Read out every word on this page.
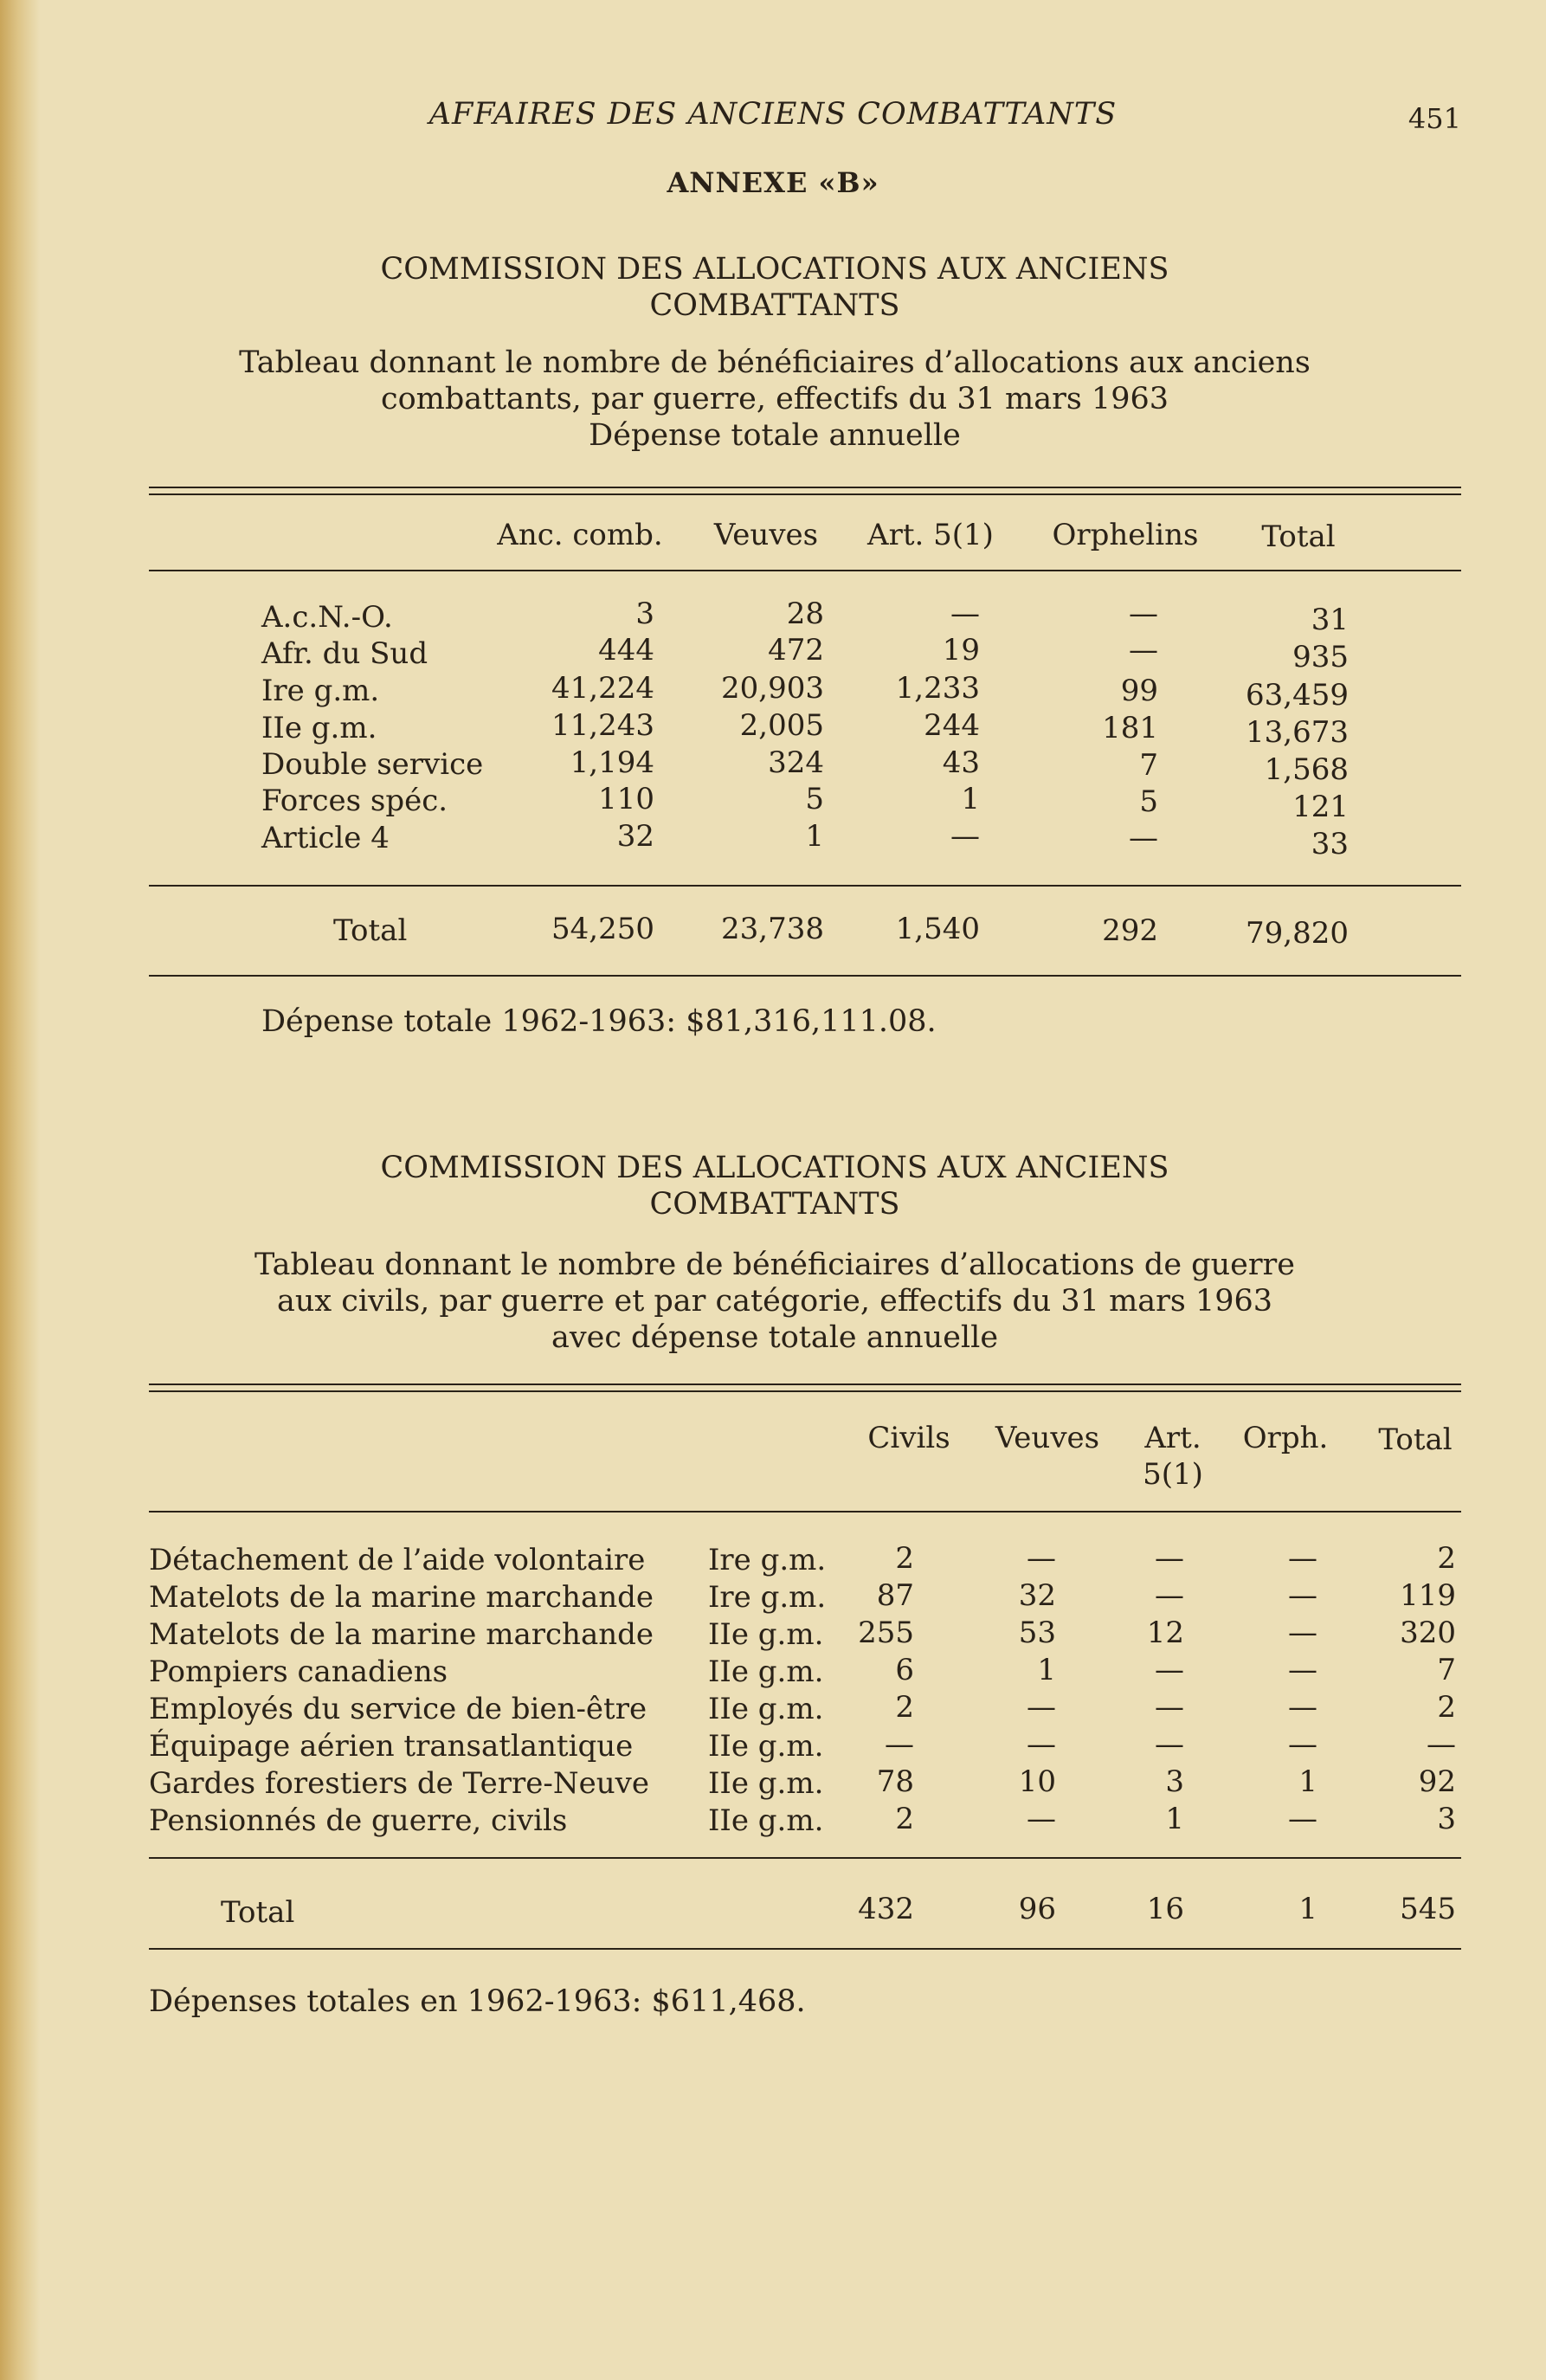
AFFAIRES DES ANCIENS COMBATTANTS	451
ANNEXE «B»
COMMISSION DES ALLOCATIONS AUX ANCIENS
COMBATTANTS
Tableau donnant le nombre de bénéficiaires d’allocations aux anciens
combattants, par guerre, effectifs du 31 mars 1963
Dépense totale annuelle
Anc. comb.	Veuves	Art. 5(1)	Orphelins	Total
A.c.N.-O.	3	28	—	—	31
Afr. du Sud	444	472	19	—	935
Ire g.m.	41,224	20,903	1,233	99	63,459
IIe g.m.	11,243	2,005	244	181	13,673
Double service	1,194	324	43	7	1,568
Forces spéc.	110	5	1	5	121
Article 4	32	1	—	—	33
Total	54,250	23,738	1,540	292	79,820
Dépense totale 1962-1963: $81,316,111.08.
COMMISSION DES ALLOCATIONS AUX ANCIENS
COMBATTANTS
Tableau donnant le nombre de bénéficiaires d’allocations de guerre
aux civils, par guerre et par catégorie, effectifs du 31 mars 1963
avec dépense totale annuelle
Civils	Veuves	Art.
5(1)
Orph.	Total
Détachement de l’aide volontaire Ire g.m.	2	—	—	—	2
Matelots de la marine marchande Ire g.m.	87	32	—	—	119
Matelots de la marine marchande IIe g.m.	255	53	12	—	320
Pompiers canadiens	IIe g.m.	6	1	—	—	7
Employés du service de bien-être IIe g.m.	2	—	—	—	2
Équipage aérien transatlantique	IIe g.m.	—	—	—	—	—
Gardes forestiers de Terre-Neuve IIe g.m.	78	10	3	1	92
Pensionnés de guerre, civils	IIe g.m.	2	—	1	—	3
Total	432	96	16	1	545
Dépenses totales en 1962-1963: $611,468.
